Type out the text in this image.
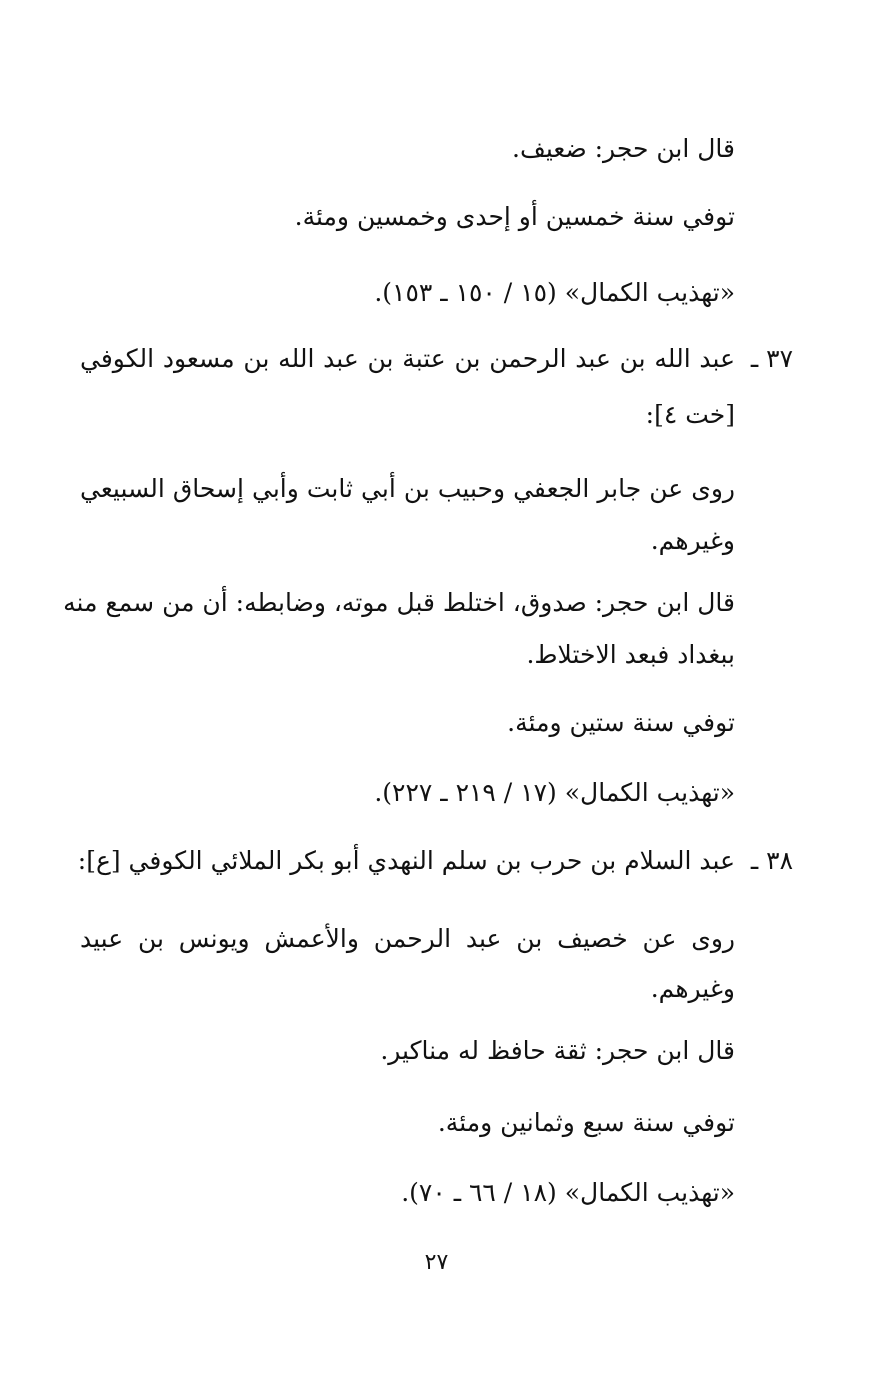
قال ابن حجر: ضعيف.
توفي سنة خمسين أو إحدى وخمسين ومئة.
«تهذيب الكمال» (١٥ / ١٥٠ ـ ١٥٣).
٣٧ ـ
عبد الله بن عبد الرحمن بن عتبة بن عبد الله بن مسعود الكوفي
[خت ٤]:
روى عن جابر الجعفي وحبيب بن أبي ثابت وأبي إسحاق السبيعي
وغيرهم.
قال ابن حجر: صدوق، اختلط قبل موته، وضابطه: أن من سمع منه
ببغداد فبعد الاختلاط.
توفي سنة ستين ومئة.
«تهذيب الكمال» (١٧ / ٢١٩ ـ ٢٢٧).
٣٨ ـ
عبد السلام بن حرب بن سلم النهدي أبو بكر الملائي الكوفي [ع]:
روى عن خصيف بن عبد الرحمن والأعمش ويونس بن عبيد
وغيرهم.
قال ابن حجر: ثقة حافظ له مناكير.
توفي سنة سبع وثمانين ومئة.
«تهذيب الكمال» (١٨ / ٦٦ ـ ٧٠).
٢٧
